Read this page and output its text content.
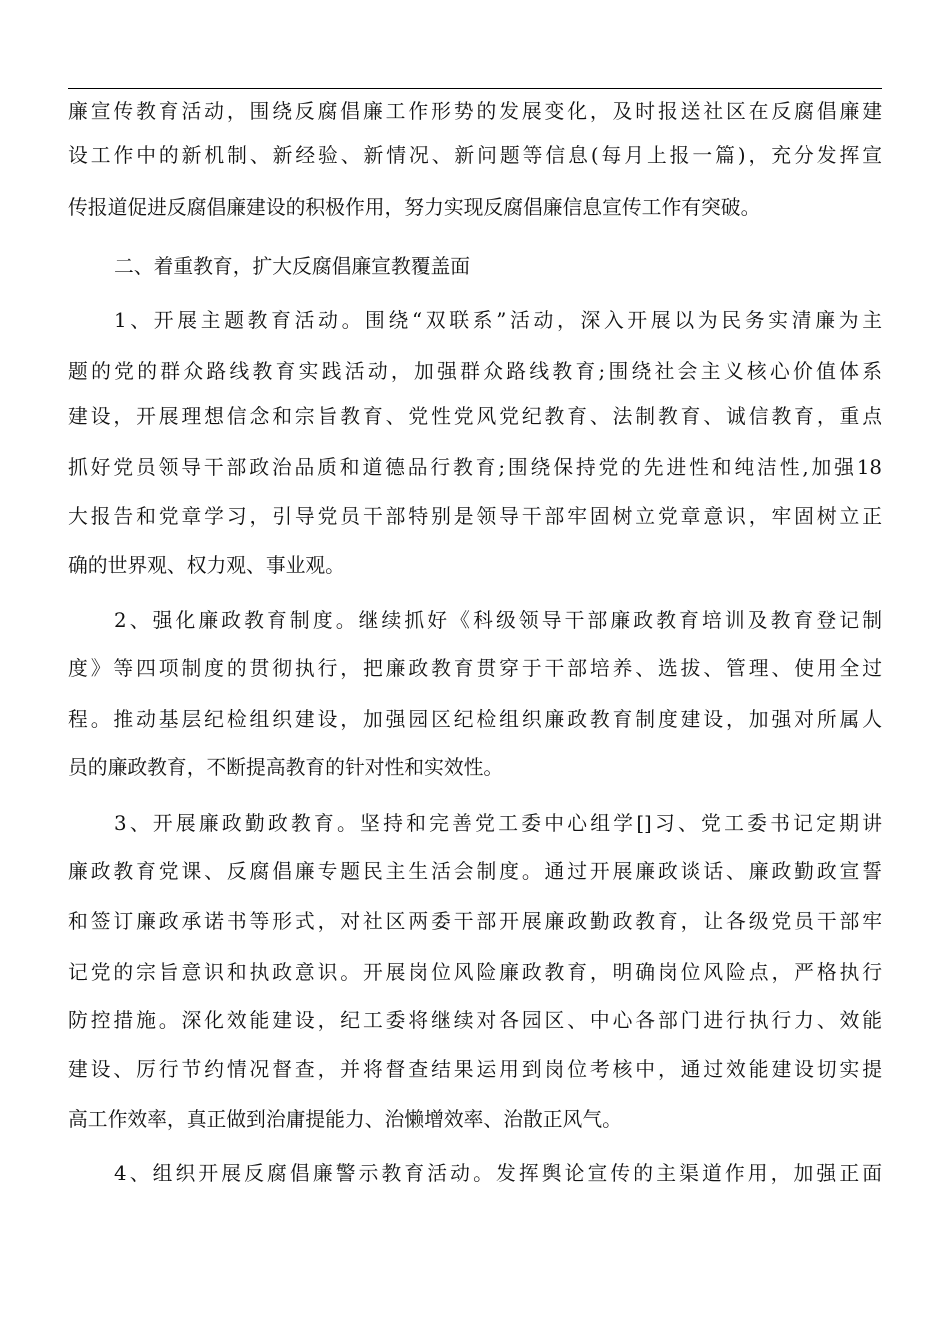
廉宣传教育活动，围绕反腐倡廉工作形势的发展变化，及时报送社区在反腐倡廉建
设工作中的新机制、新经验、新情况、新问题等信息(每月上报一篇)，充分发挥宣
传报道促进反腐倡廉建设的积极作用，努力实现反腐倡廉信息宣传工作有突破。
二、着重教育，扩大反腐倡廉宣教覆盖面
1、开展主题教育活动。围绕“双联系”活动，深入开展以为民务实清廉为主
题的党的群众路线教育实践活动，加强群众路线教育;围绕社会主义核心价值体系
建设，开展理想信念和宗旨教育、党性党风党纪教育、法制教育、诚信教育，重点
抓好党员领导干部政治品质和道德品行教育;围绕保持党的先进性和纯洁性,加强18
大报告和党章学习，引导党员干部特别是领导干部牢固树立党章意识，牢固树立正
确的世界观、权力观、事业观。
2、强化廉政教育制度。继续抓好《科级领导干部廉政教育培训及教育登记制
度》等四项制度的贯彻执行，把廉政教育贯穿于干部培养、选拔、管理、使用全过
程。推动基层纪检组织建设，加强园区纪检组织廉政教育制度建设，加强对所属人
员的廉政教育，不断提高教育的针对性和实效性。
3、开展廉政勤政教育。坚持和完善党工委中心组学[]习、党工委书记定期讲
廉政教育党课、反腐倡廉专题民主生活会制度。通过开展廉政谈话、廉政勤政宣誓
和签订廉政承诺书等形式，对社区两委干部开展廉政勤政教育，让各级党员干部牢
记党的宗旨意识和执政意识。开展岗位风险廉政教育，明确岗位风险点，严格执行
防控措施。深化效能建设，纪工委将继续对各园区、中心各部门进行执行力、效能
建设、厉行节约情况督查，并将督查结果运用到岗位考核中，通过效能建设切实提
高工作效率，真正做到治庸提能力、治懒增效率、治散正风气。
4、组织开展反腐倡廉警示教育活动。发挥舆论宣传的主渠道作用，加强正面
